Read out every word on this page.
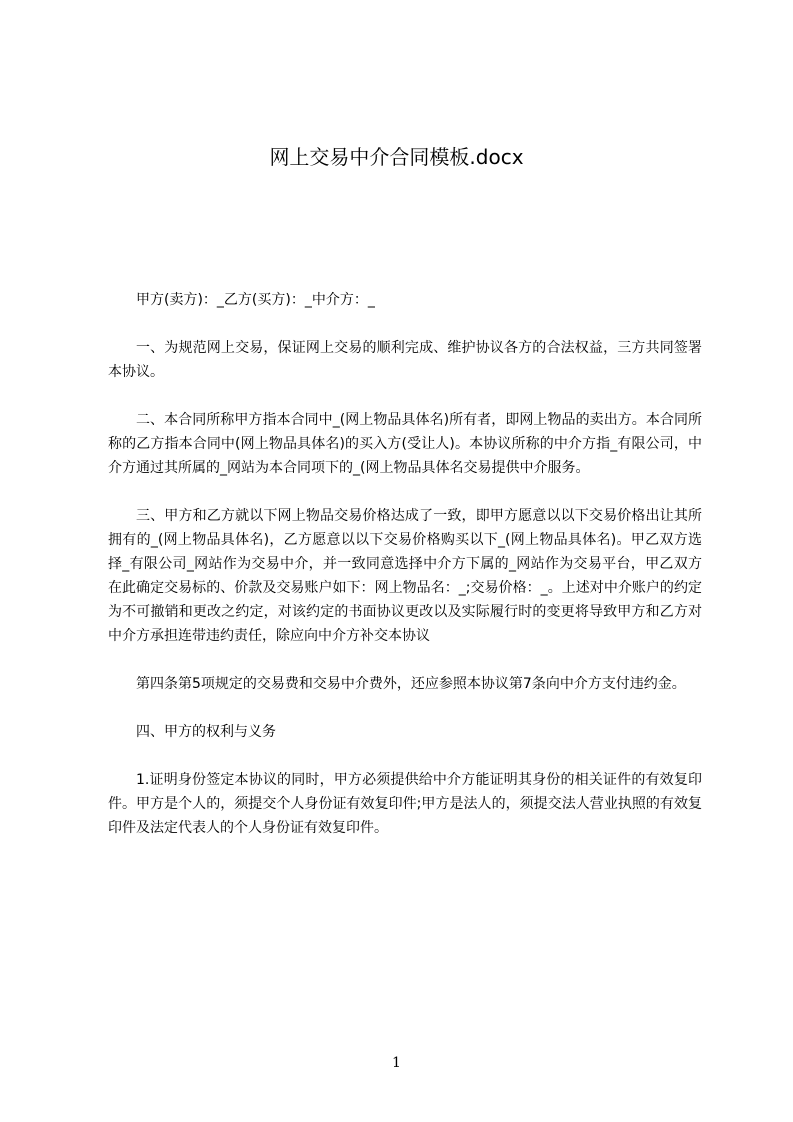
网上交易中介合同模板.docx

甲方(卖方)：_乙方(买方)：_中介方：_

一、为规范网上交易，保证网上交易的顺利完成、维护协议各方的合法权益，三方共同签署本协议。

二、本合同所称甲方指本合同中_(网上物品具体名)所有者，即网上物品的卖出方。本合同所称的乙方指本合同中(网上物品具体名)的买入方(受让人)。本协议所称的中介方指_有限公司，中介方通过其所属的_网站为本合同项下的_(网上物品具体名交易提供中介服务。

三、甲方和乙方就以下网上物品交易价格达成了一致，即甲方愿意以以下交易价格出让其所拥有的_(网上物品具体名)，乙方愿意以以下交易价格购买以下_(网上物品具体名)。甲乙双方选择_有限公司_网站作为交易中介，并一致同意选择中介方下属的_网站作为交易平台，甲乙双方在此确定交易标的、价款及交易账户如下：网上物品名：_;交易价格：_。上述对中介账户的约定为不可撤销和更改之约定，对该约定的书面协议更改以及实际履行时的变更将导致甲方和乙方对中介方承担连带违约责任，除应向中介方补交本协议

第四条第5项规定的交易费和交易中介费外，还应参照本协议第7条向中介方支付违约金。

四、甲方的权利与义务

1.证明身份签定本协议的同时，甲方必须提供给中介方能证明其身份的相关证件的有效复印件。甲方是个人的，须提交个人身份证有效复印件;甲方是法人的，须提交法人营业执照的有效复印件及法定代表人的个人身份证有效复印件。

1
